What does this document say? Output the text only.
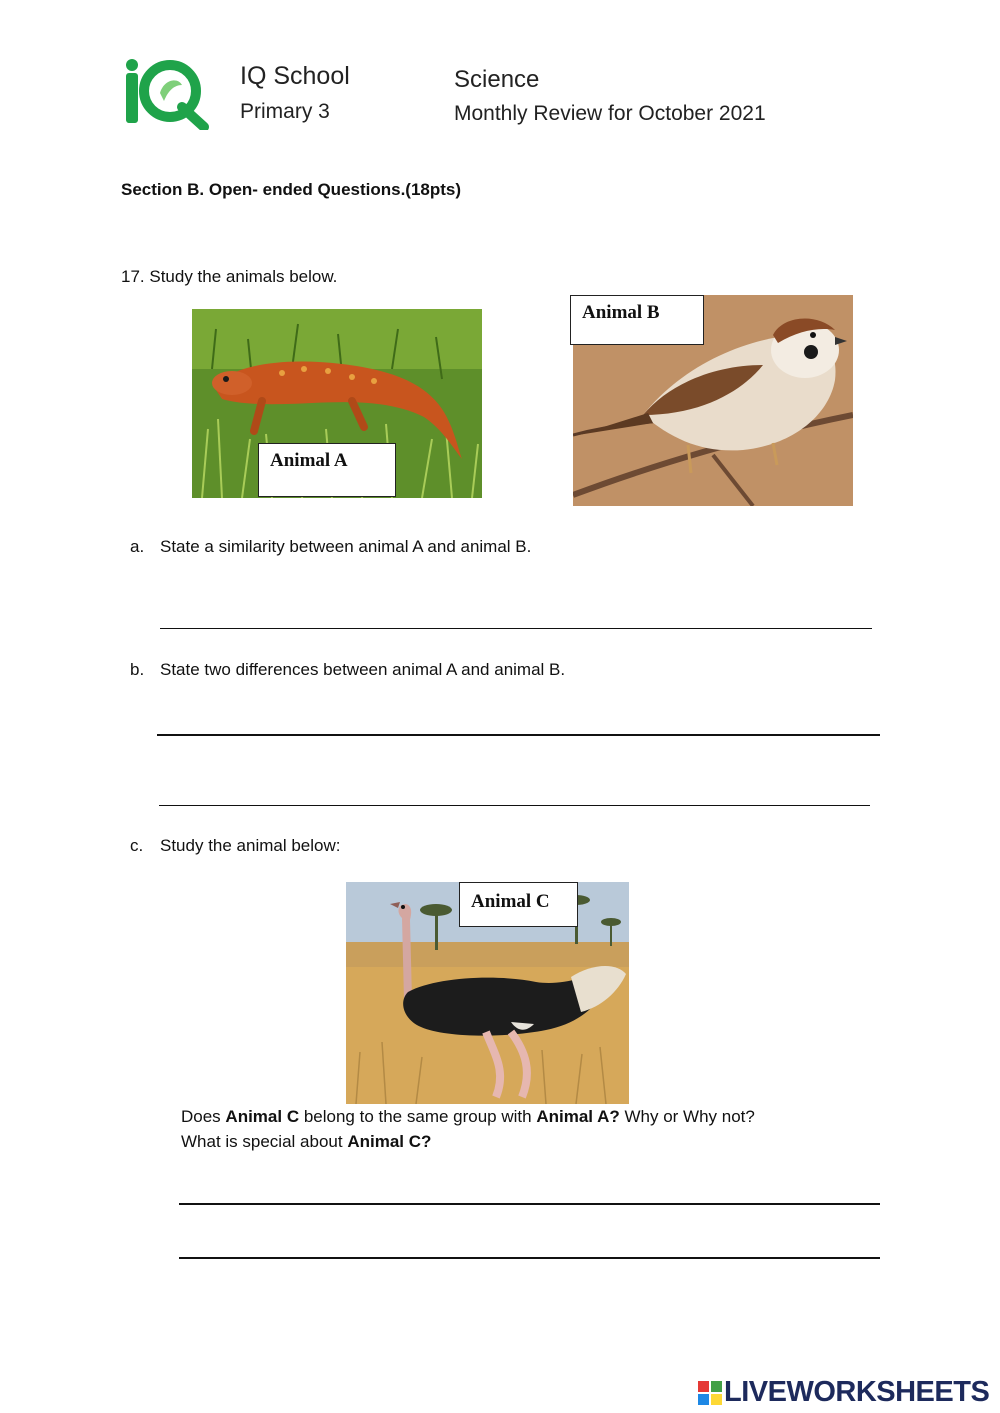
IQ School
Primary 3
Science
Monthly Review for October 2021
Section B. Open- ended Questions.(18pts)
17. Study the animals below.
Animal A
Animal B
a. State a similarity between animal A and animal B.
b. State two differences between animal A and animal B.
c. Study the animal below:
Animal C
Does Animal C belong to the same group with Animal A? Why or Why not?
What is special about Animal C?
LIVEWORKSHEETS
